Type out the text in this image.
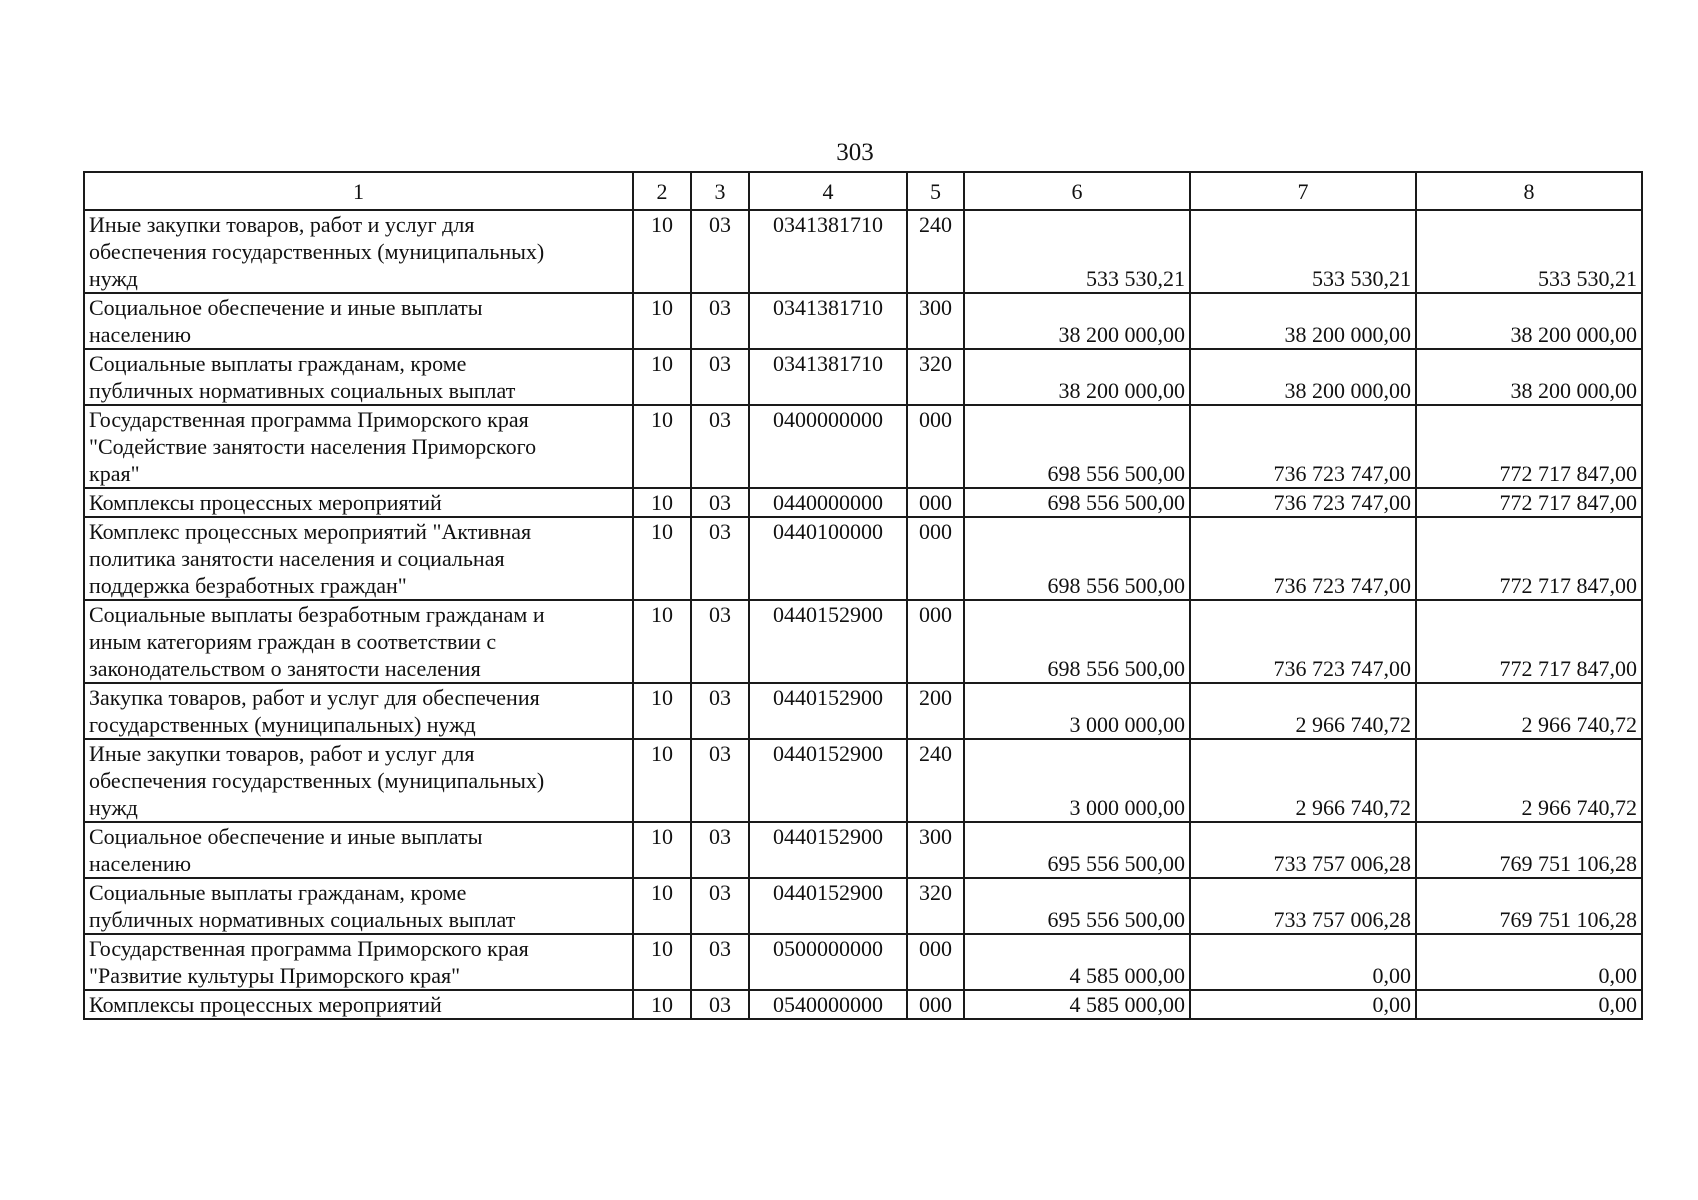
303
1	2	3	4	5	6	7	8

Иные закупки товаров, работ и услуг для
обеспечения государственных (муниципальных)
нужд	10	03	0341381710	240	533 530,21	533 530,21	533 530,21

Социальное обеспечение и иные выплаты
населению	10	03	0341381710	300	38 200 000,00	38 200 000,00	38 200 000,00

Социальные выплаты гражданам, кроме
публичных нормативных социальных выплат	10	03	0341381710	320	38 200 000,00	38 200 000,00	38 200 000,00

Государственная программа Приморского края
"Содействие занятости населения Приморского
края"	10	03	0400000000	000	698 556 500,00	736 723 747,00	772 717 847,00

Комплексы процессных мероприятий	10	03	0440000000	000	698 556 500,00	736 723 747,00	772 717 847,00

Комплекс процессных мероприятий "Активная
политика занятости населения и социальная
поддержка безработных граждан"	10	03	0440100000	000	698 556 500,00	736 723 747,00	772 717 847,00

Социальные выплаты безработным гражданам и
иным категориям граждан в соответствии с
законодательством о занятости населения	10	03	0440152900	000	698 556 500,00	736 723 747,00	772 717 847,00

Закупка товаров, работ и услуг для обеспечения
государственных (муниципальных) нужд	10	03	0440152900	200	3 000 000,00	2 966 740,72	2 966 740,72

Иные закупки товаров, работ и услуг для
обеспечения государственных (муниципальных)
нужд	10	03	0440152900	240	3 000 000,00	2 966 740,72	2 966 740,72

Социальное обеспечение и иные выплаты
населению	10	03	0440152900	300	695 556 500,00	733 757 006,28	769 751 106,28

Социальные выплаты гражданам, кроме
публичных нормативных социальных выплат	10	03	0440152900	320	695 556 500,00	733 757 006,28	769 751 106,28

Государственная программа Приморского края
"Развитие культуры Приморского края"	10	03	0500000000	000	4 585 000,00	0,00	0,00

Комплексы процессных мероприятий	10	03	0540000000	000	4 585 000,00	0,00	0,00
